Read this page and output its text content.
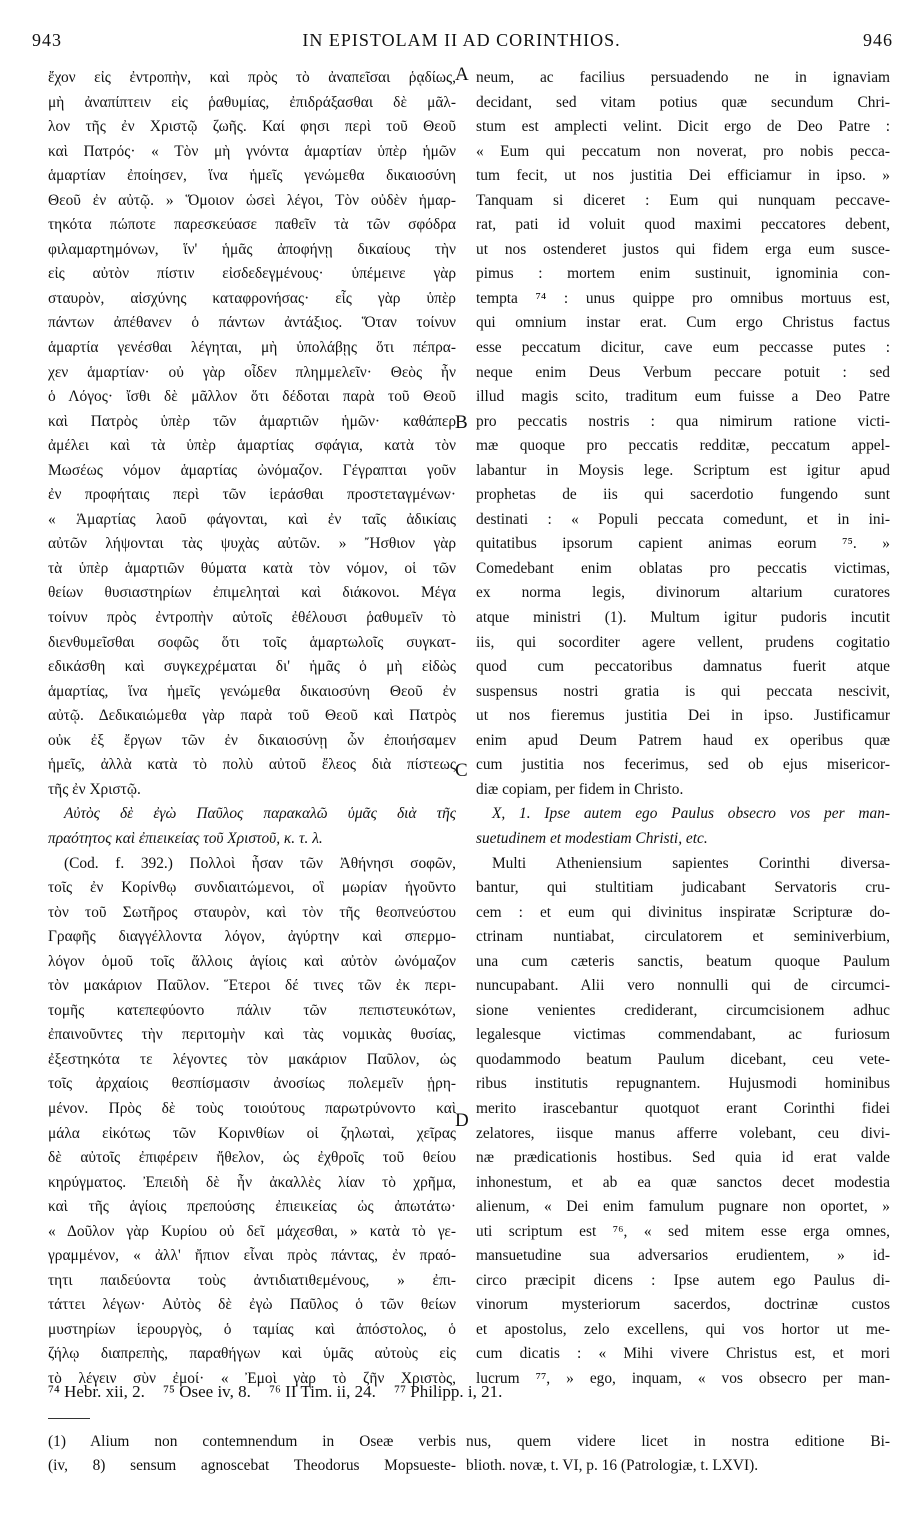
943	IN EPISTOLAM II AD CORINTHIOS.	946
A
B
C
D
ἔχον εἰς ἐντροπὴν, καὶ πρὸς τὸ ἀναπεῖσαι ῥᾳδίως,
μὴ ἀναπίπτειν εἰς ῥαθυμίας, ἐπιδράξασθαι δὲ μᾶλ-
λον τῆς ἐν Χριστῷ ζωῆς. Καί φησι περὶ τοῦ Θεοῦ
καὶ Πατρός· « Τὸν μὴ γνόντα ἁμαρτίαν ὑπὲρ ἡμῶν
ἁμαρτίαν ἐποίησεν, ἵνα ἡμεῖς γενώμεθα δικαιοσύνη
Θεοῦ ἐν αὐτῷ. » Ὅμοιον ὡσεὶ λέγοι, Τὸν οὐδὲν ἡμαρ-
τηκότα πώποτε παρεσκεύασε παθεῖν τὰ τῶν σφόδρα
φιλαμαρτημόνων, ἵν' ἡμᾶς ἀποφήνῃ δικαίους τὴν
εἰς αὐτὸν πίστιν εἰσδεδεγμένους· ὑπέμεινε γὰρ
σταυρὸν, αἰσχύνης καταφρονήσας· εἷς γὰρ ὑπὲρ
πάντων ἀπέθανεν ὁ πάντων ἀντάξιος. Ὅταν τοίνυν
ἁμαρτία γενέσθαι λέγηται, μὴ ὑπολάβῃς ὅτι πέπρα-
χεν ἁμαρτίαν· οὐ γὰρ οἶδεν πλημμελεῖν· Θεὸς ἦν
ὁ Λόγος· ἴσθι δὲ μᾶλλον ὅτι δέδοται παρὰ τοῦ Θεοῦ
καὶ Πατρὸς ὑπὲρ τῶν ἁμαρτιῶν ἡμῶν· καθάπερ
ἀμέλει καὶ τὰ ὑπὲρ ἁμαρτίας σφάγια, κατὰ τὸν
Μωσέως νόμον ἁμαρτίας ὠνόμαζον. Γέγραπται γοῦν
ἐν προφήταις περὶ τῶν ἱεράσθαι προστεταγμένων·
« Ἁμαρτίας λαοῦ φάγονται, καὶ ἐν ταῖς ἀδικίαις
αὐτῶν λήψονται τὰς ψυχὰς αὐτῶν. » Ἤσθιον γὰρ
τὰ ὑπὲρ ἁμαρτιῶν θύματα κατὰ τὸν νόμον, οἱ τῶν
θείων θυσιαστηρίων ἐπιμεληταὶ καὶ διάκονοι. Μέγα
τοίνυν πρὸς ἐντροπὴν αὐτοῖς ἐθέλουσι ῥαθυμεῖν τὸ
διενθυμεῖσθαι σοφῶς ὅτι τοῖς ἁμαρτωλοῖς συγκατ-
εδικάσθη καὶ συγκεχρέμαται δι' ἡμᾶς ὁ μὴ εἰδὼς
ἁμαρτίας, ἵνα ἡμεῖς γενώμεθα δικαιοσύνη Θεοῦ ἐν
αὐτῷ. Δεδικαιώμεθα γὰρ παρὰ τοῦ Θεοῦ καὶ Πατρὸς
οὐκ ἐξ ἔργων τῶν ἐν δικαιοσύνῃ ὧν ἐποιήσαμεν
ἡμεῖς, ἀλλὰ κατὰ τὸ πολὺ αὐτοῦ ἔλεος διὰ πίστεως
τῆς ἐν Χριστῷ.
Αὐτὸς δὲ ἐγὼ Παῦλος παρακαλῶ ὑμᾶς διὰ τῆς
πραότητος καὶ ἐπιεικείας τοῦ Χριστοῦ, κ. τ. λ.
(Cod. f. 392.) Πολλοὶ ἦσαν τῶν Ἀθήνησι σοφῶν,
τοῖς ἐν Κορίνθῳ συνδιαιτώμενοι, οἳ μωρίαν ἡγοῦντο
τὸν τοῦ Σωτῆρος σταυρὸν, καὶ τὸν τῆς θεοπνεύστου
Γραφῆς διαγγέλλοντα λόγον, ἀγύρτην καὶ σπερμο-
λόγον ὁμοῦ τοῖς ἄλλοις ἁγίοις καὶ αὐτὸν ὠνόμαζον
τὸν μακάριον Παῦλον. Ἕτεροι δέ τινες τῶν ἐκ περι-
τομῆς κατεπεφύοντο πάλιν τῶν πεπιστευκότων,
ἐπαινοῦντες τὴν περιτομὴν καὶ τὰς νομικὰς θυσίας,
ἐξεστηκότα τε λέγοντες τὸν μακάριον Παῦλον, ὡς
τοῖς ἀρχαίοις θεσπίσμασιν ἀνοσίως πολεμεῖν ᾑρη-
μένον. Πρὸς δὲ τοὺς τοιούτους παρωτρύνοντο καὶ
μάλα εἰκότως τῶν Κορινθίων οἱ ζηλωταὶ, χεῖρας
δὲ αὐτοῖς ἐπιφέρειν ἤθελον, ὡς ἐχθροῖς τοῦ θείου
κηρύγματος. Ἐπειδὴ δὲ ἦν ἀκαλλὲς λίαν τὸ χρῆμα,
καὶ τῆς ἁγίοις πρεπούσης ἐπιεικείας ὡς ἀπωτάτω·
« Δοῦλον γὰρ Κυρίου οὐ δεῖ μάχεσθαι, » κατὰ τὸ γε-
γραμμένον, « ἀλλ' ἤπιον εἶναι πρὸς πάντας, ἐν πραό-
τητι παιδεύοντα τοὺς ἀντιδιατιθεμένους, » ἐπι-
τάττει λέγων· Αὐτὸς δὲ ἐγὼ Παῦλος ὁ τῶν θείων
μυστηρίων ἱερουργὸς, ὁ ταμίας καὶ ἀπόστολος, ὁ
ζήλῳ διαπρεπὴς, παραθήγων καὶ ὑμᾶς αὐτοὺς εἰς
τὸ λέγειν σὺν ἐμοί· « Ἐμοὶ γὰρ τὸ ζῆν Χριστὸς,
neum, ac facilius persuadendo ne in ignaviam
decidant, sed vitam potius quæ secundum Chri-
stum est amplecti velint. Dicit ergo de Deo Patre :
« Eum qui peccatum non noverat, pro nobis pecca-
tum fecit, ut nos justitia Dei efficiamur in ipso. »
Tanquam si diceret : Eum qui nunquam peccave-
rat, pati id voluit quod maximi peccatores debent,
ut nos ostenderet justos qui fidem erga eum susce-
pimus : mortem enim sustinuit, ignominia con-
tempta ⁷⁴ : unus quippe pro omnibus mortuus est,
qui omnium instar erat. Cum ergo Christus factus
esse peccatum dicitur, cave eum peccasse putes :
neque enim Deus Verbum peccare potuit : sed
illud magis scito, traditum eum fuisse a Deo Patre
pro peccatis nostris : qua nimirum ratione victi-
mæ quoque pro peccatis redditæ, peccatum appel-
labantur in Moysis lege. Scriptum est igitur apud
prophetas de iis qui sacerdotio fungendo sunt
destinati : « Populi peccata comedunt, et in ini-
quitatibus ipsorum capient animas eorum ⁷⁵. »
Comedebant enim oblatas pro peccatis victimas,
ex norma legis, divinorum altarium curatores
atque ministri (1). Multum igitur pudoris incutit
iis, qui socorditer agere vellent, prudens cogitatio
quod cum peccatoribus damnatus fuerit atque
suspensus nostri gratia is qui peccata nescivit,
ut nos fieremus justitia Dei in ipso. Justificamur
enim apud Deum Patrem haud ex operibus quæ
cum justitia nos fecerimus, sed ob ejus misericor-
diæ copiam, per fidem in Christo.
X, 1. Ipse autem ego Paulus obsecro vos per man-
suetudinem et modestiam Christi, etc.
Multi Atheniensium sapientes Corinthi diversa-
bantur, qui stultitiam judicabant Servatoris cru-
cem : et eum qui divinitus inspiratæ Scripturæ do-
ctrinam nuntiabat, circulatorem et seminiverbium,
una cum cæteris sanctis, beatum quoque Paulum
nuncupabant. Alii vero nonnulli qui de circumci-
sione venientes crediderant, circumcisionem adhuc
legalesque victimas commendabant, ac furiosum
quodammodo beatum Paulum dicebant, ceu vete-
ribus institutis repugnantem. Hujusmodi hominibus
merito irascebantur quotquot erant Corinthi fidei
zelatores, iisque manus afferre volebant, ceu divi-
næ prædicationis hostibus. Sed quia id erat valde
inhonestum, et ab ea quæ sanctos decet modestia
alienum, « Dei enim famulum pugnare non oportet, »
uti scriptum est ⁷⁶, « sed mitem esse erga omnes,
mansuetudine sua adversarios erudientem, » id-
circo præcipit dicens : Ipse autem ego Paulus di-
vinorum mysteriorum sacerdos, doctrinæ custos
et apostolus, zelo excellens, qui vos hortor ut me-
cum dicatis : « Mihi vivere Christus est, et mori
lucrum ⁷⁷, » ego, inquam, « vos obsecro per man-
⁷⁴ Hebr. xii, 2. ⁷⁵ Osee iv, 8. ⁷⁶ II Tim. ii, 24. ⁷⁷ Philipp. i, 21.
(1) Alium non contemnendum in Oseæ verbis
(iv, 8) sensum agnoscebat Theodorus Mopsueste-
nus, quem videre licet in nostra editione Bi-
blioth. novæ, t. VI, p. 16 (Patrologiæ, t. LXVI).
